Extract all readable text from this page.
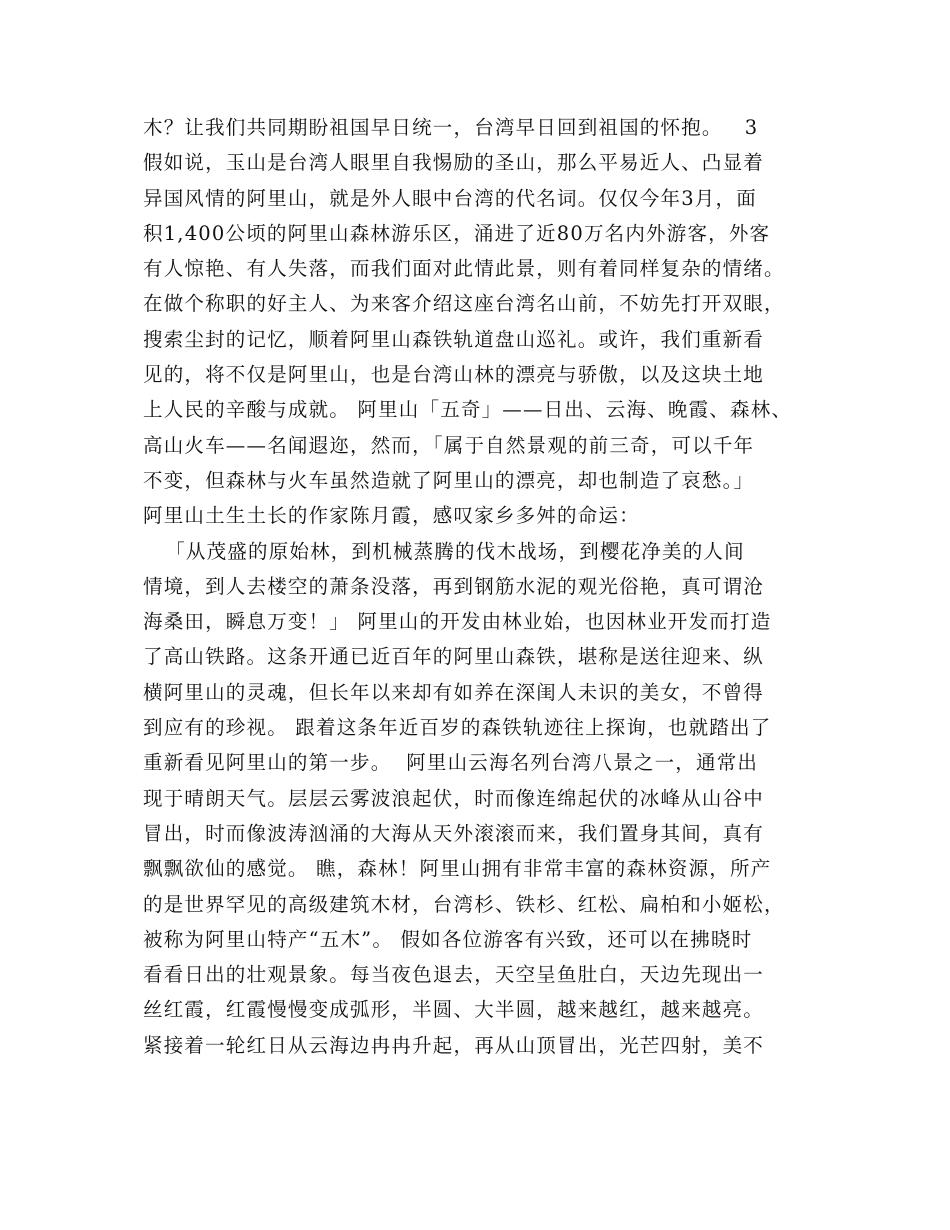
木？让我们共同期盼祖国早日统一，台湾早日回到祖国的怀抱。   3
假如说，玉山是台湾人眼里自我惕励的圣山，那么平易近人、凸显着
异国风情的阿里山，就是外人眼中台湾的代名词。仅仅今年3月，面
积1,400公顷的阿里山森林游乐区，涌进了近80万名内外游客，外客
有人惊艳、有人失落，而我们面对此情此景，则有着同样复杂的情绪。
在做个称职的好主人、为来客介绍这座台湾名山前，不妨先打开双眼，
搜索尘封的记忆，顺着阿里山森铁轨道盘山巡礼。或许，我们重新看
见的，将不仅是阿里山，也是台湾山林的漂亮与骄傲，以及这块土地
上人民的辛酸与成就。 阿里山「五奇」——日出、云海、晚霞、森林、
高山火车——名闻遐迩，然而，「属于自然景观的前三奇，可以千年
不变，但森林与火车虽然造就了阿里山的漂亮，却也制造了哀愁。」
阿里山土生土长的作家陈月霞，感叹家乡多舛的命运：
「从茂盛的原始林，到机械蒸腾的伐木战场，到樱花净美的人间
情境，到人去楼空的萧条没落，再到钢筋水泥的观光俗艳，真可谓沧
海桑田，瞬息万变！」 阿里山的开发由林业始，也因林业开发而打造
了高山铁路。这条开通已近百年的阿里山森铁，堪称是送往迎来、纵
横阿里山的灵魂，但长年以来却有如养在深闺人未识的美女，不曾得
到应有的珍视。 跟着这条年近百岁的森铁轨迹往上探询，也就踏出了
重新看见阿里山的第一步。  阿里山云海名列台湾八景之一，通常出
现于晴朗天气。层层云雾波浪起伏，时而像连绵起伏的冰峰从山谷中
冒出，时而像波涛汹涌的大海从天外滚滚而来，我们置身其间，真有
飘飘欲仙的感觉。 瞧，森林！阿里山拥有非常丰富的森林资源，所产
的是世界罕见的高级建筑木材，台湾杉、铁杉、红松、扁柏和小姬松，
被称为阿里山特产“五木”。 假如各位游客有兴致，还可以在拂晓时
看看日出的壮观景象。每当夜色退去，天空呈鱼肚白，天边先现出一
丝红霞，红霞慢慢变成弧形，半圆、大半圆，越来越红，越来越亮。
紧接着一轮红日从云海边冉冉升起，再从山顶冒出，光芒四射，美不
